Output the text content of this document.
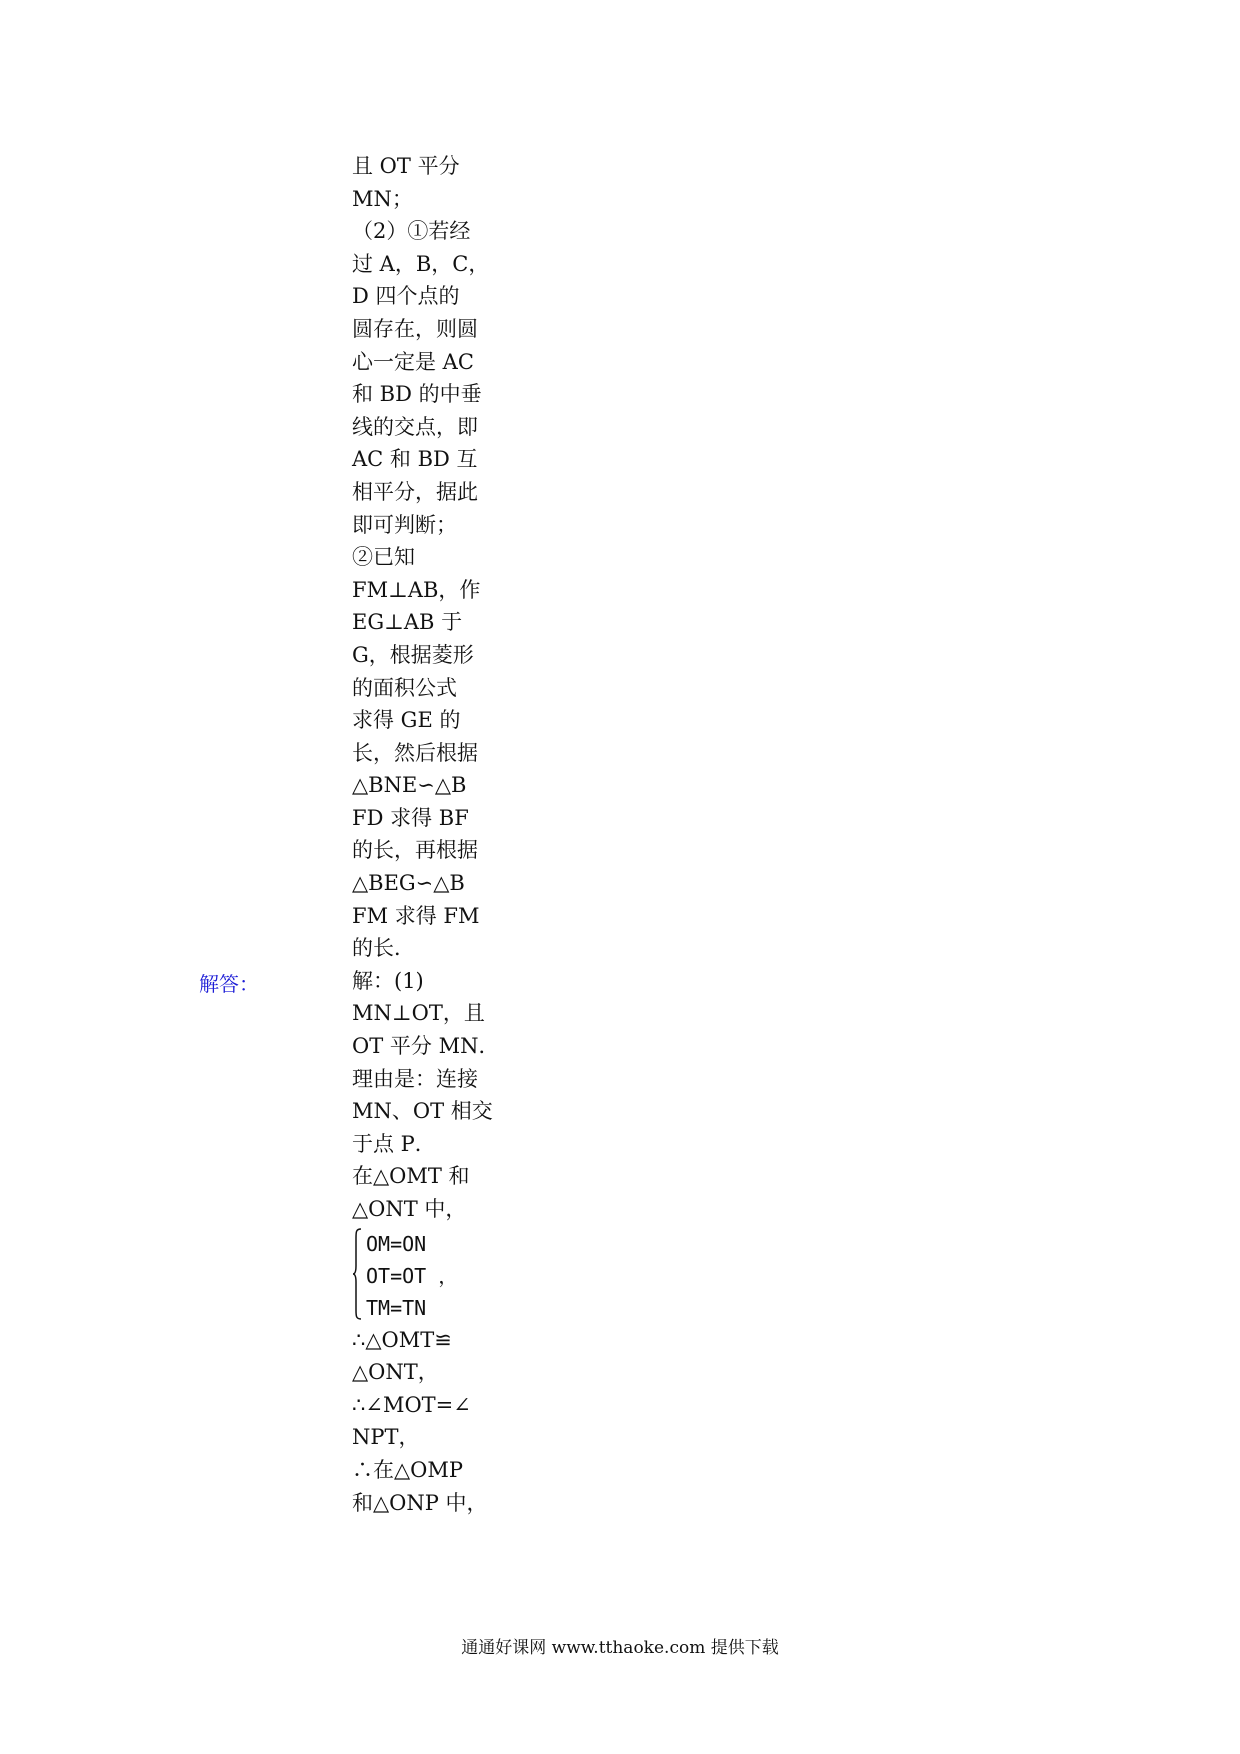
解答：
且 OT 平分
MN；
（2）①若经
过 A，B，C，
D 四个点的
圆存在，则圆
心一定是 AC
和 BD 的中垂
线的交点，即
AC 和 BD 互
相平分，据此
即可判断；
②已知
FM⊥AB，作
EG⊥AB 于
G，根据菱形
的面积公式
求得 GE 的
长，然后根据
△BNE∽△B
FD 求得 BF
的长，再根据
△BEG∽△B
FM 求得 FM
的长．
解：(1)
MN⊥OT，且
OT 平分 MN．
理由是：连接
MN、OT 相交
于点 P．
在△OMT 和
△ONT 中，
OM=ON
OT=OT ，
TM=TN
∴△OMT≌
△ONT，
∴∠MOT=∠
NPT，
∴在△OMP
和△ONP 中，
通通好课网 www.tthaoke.com 提供下载
